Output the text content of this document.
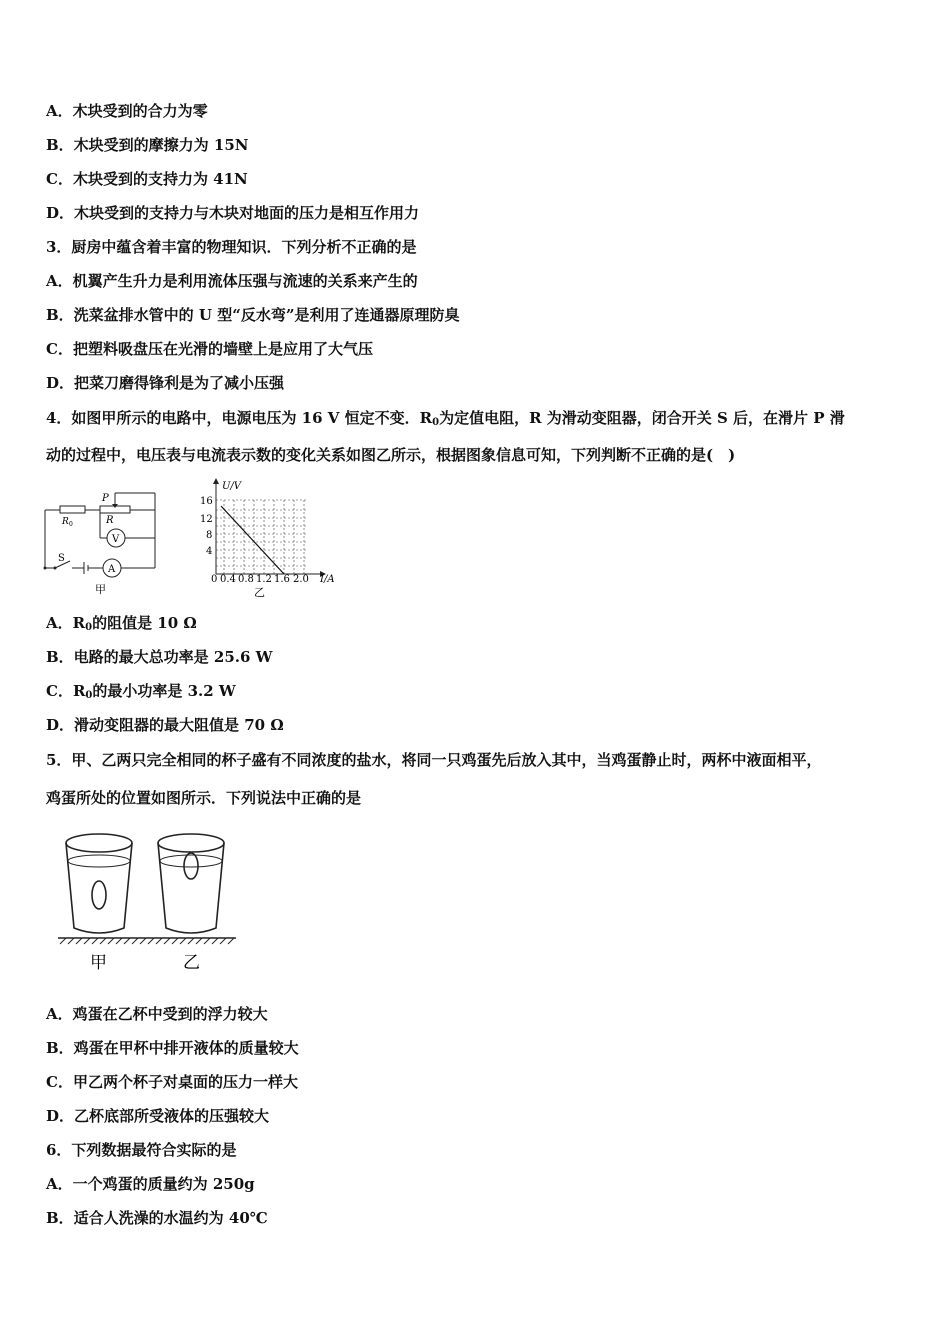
A．木块受到的合力为零
B．木块受到的摩擦力为 15N
C．木块受到的支持力为 41N
D．木块受到的支持力与木块对地面的压力是相互作用力
3．厨房中蕴含着丰富的物理知识．下列分析不正确的是
A．机翼产生升力是利用流体压强与流速的关系来产生的
B．洗菜盆排水管中的 U 型“反水弯”是利用了连通器原理防臭
C．把塑料吸盘压在光滑的墙壁上是应用了大气压
D．把菜刀磨得锋利是为了减小压强
4．如图甲所示的电路中，电源电压为 16 V 恒定不变．$R_0$为定值电阻，R 为滑动变阻器，闭合开关 S 后，在滑片 P 滑
动的过程中，电压表与电流表示数的变化关系如图乙所示，根据图象信息可知，下列判断不正确的是(　)
P
R
R 0
V
A
S
甲
U/V
I/A
16
12
8
4
0 0.4 0.8 1.2 1.6 2.0
乙
A．$R_0$的阻值是 10 Ω
B．电路的最大总功率是 25.6 W
C．$R_0$的最小功率是 3.2 W
D．滑动变阻器的最大阻值是 70 Ω
5．甲、乙两只完全相同的杯子盛有不同浓度的盐水，将同一只鸡蛋先后放入其中，当鸡蛋静止时，两杯中液面相平，
鸡蛋所处的位置如图所示．下列说法中正确的是
甲	乙
A．鸡蛋在乙杯中受到的浮力较大
B．鸡蛋在甲杯中排开液体的质量较大
C．甲乙两个杯子对桌面的压力一样大
D．乙杯底部所受液体的压强较大
6．下列数据最符合实际的是
A．一个鸡蛋的质量约为 250g
B．适合人洗澡的水温约为 40℃
